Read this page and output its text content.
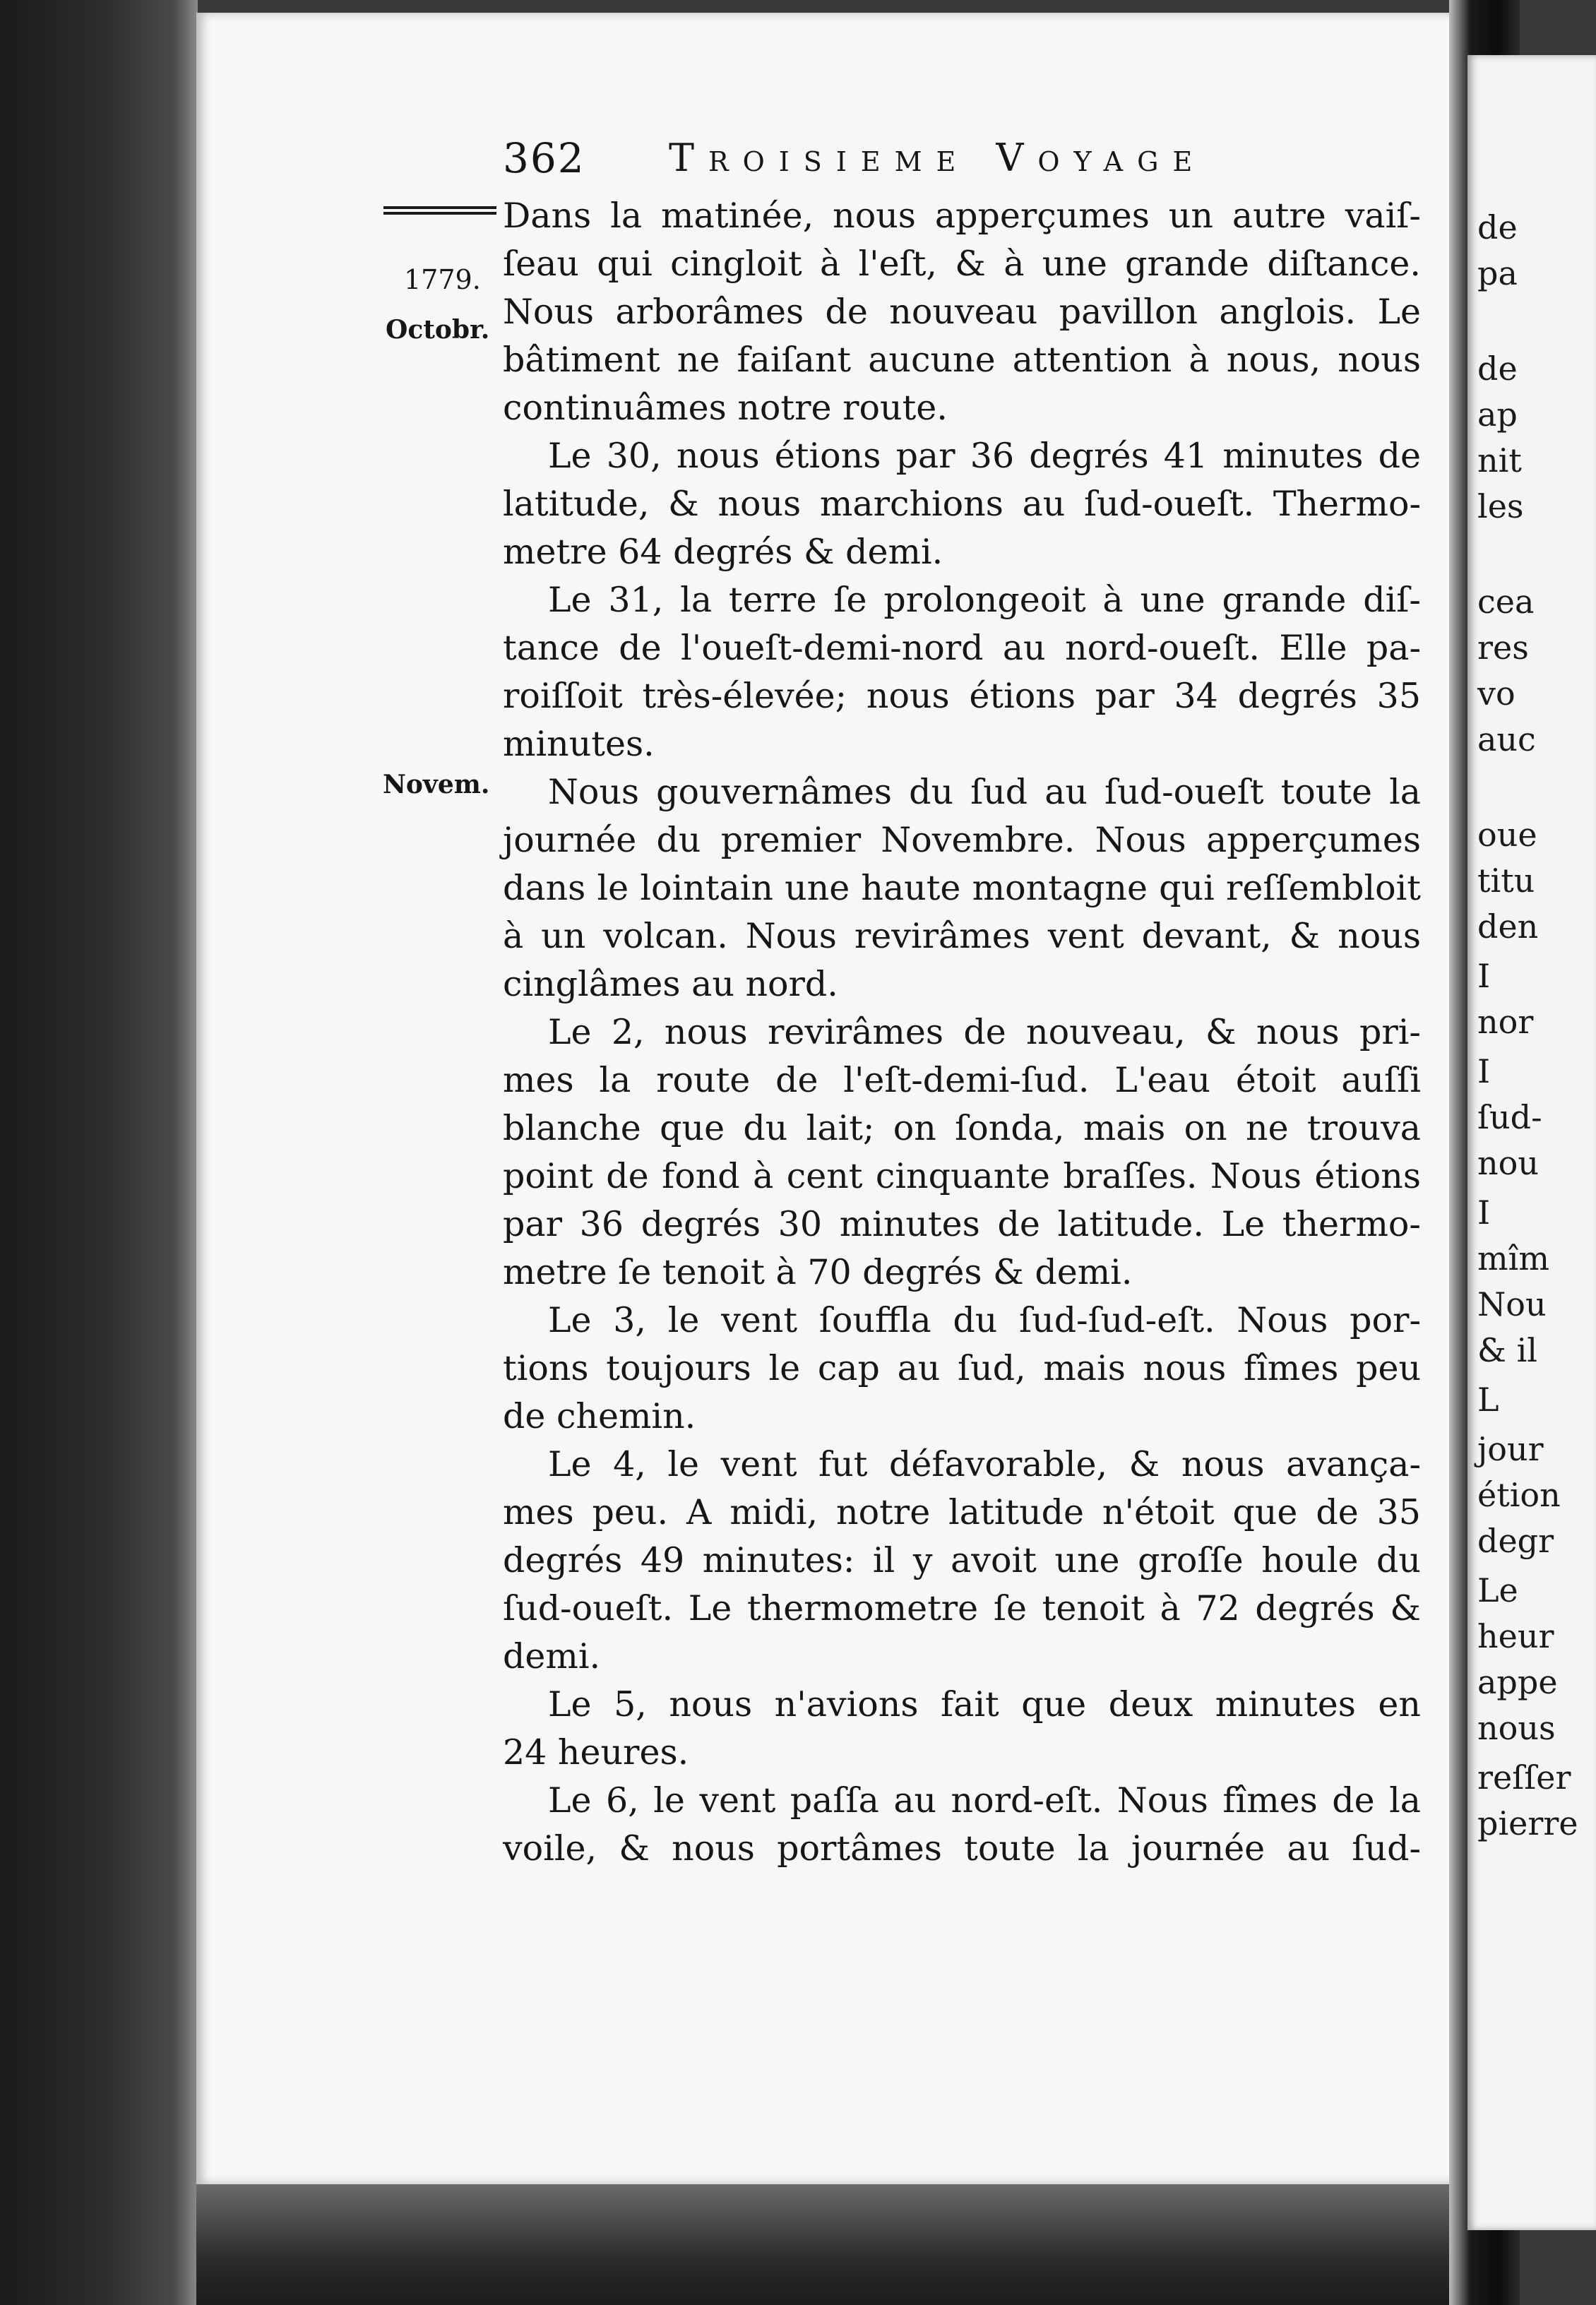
362 Troisieme Voyage
1779.
Octobr.
Novem.
Dans la matinée, nous apperçumes un autre vaiſ-
ſeau qui cingloit à l'eſt, & à une grande diſtance.
Nous arborâmes de nouveau pavillon anglois. Le
bâtiment ne faiſant aucune attention à nous, nous
continuâmes notre route.
Le 30, nous étions par 36 degrés 41 minutes de
latitude, & nous marchions au ſud-oueſt. Thermo-
metre 64 degrés & demi.
Le 31, la terre ſe prolongeoit à une grande diſ-
tance de l'oueſt-demi-nord au nord-oueſt. Elle pa-
roiſſoit très-élevée; nous étions par 34 degrés 35
minutes.
Nous gouvernâmes du ſud au ſud-oueſt toute la
journée du premier Novembre. Nous apperçumes
dans le lointain une haute montagne qui reſſembloit
à un volcan. Nous revirâmes vent devant, & nous
cinglâmes au nord.
Le 2, nous revirâmes de nouveau, & nous pri-
mes la route de l'eſt-demi-ſud. L'eau étoit auſſi
blanche que du lait; on ſonda, mais on ne trouva
point de fond à cent cinquante braſſes. Nous étions
par 36 degrés 30 minutes de latitude. Le thermo-
metre ſe tenoit à 70 degrés & demi.
Le 3, le vent ſouffla du ſud-ſud-eſt. Nous por-
tions toujours le cap au ſud, mais nous fîmes peu
de chemin.
Le 4, le vent fut défavorable, & nous avança-
mes peu. A midi, notre latitude n'étoit que de 35
degrés 49 minutes: il y avoit une groſſe houle du
ſud-oueſt. Le thermometre ſe tenoit à 72 degrés &
demi.
Le 5, nous n'avions fait que deux minutes en
24 heures.
Le 6, le vent paſſa au nord-eſt. Nous fîmes de la
voile, & nous portâmes toute la journée au ſud-
de
pa
de
ap
nit
les
cea
res
vo
auc
oue
titu
den
I
nor
I
ſud-
nou
I
mîm
Nou
& il
L
jour
étion
degr
Le
heur
appe
nous
reſſer
pierre
